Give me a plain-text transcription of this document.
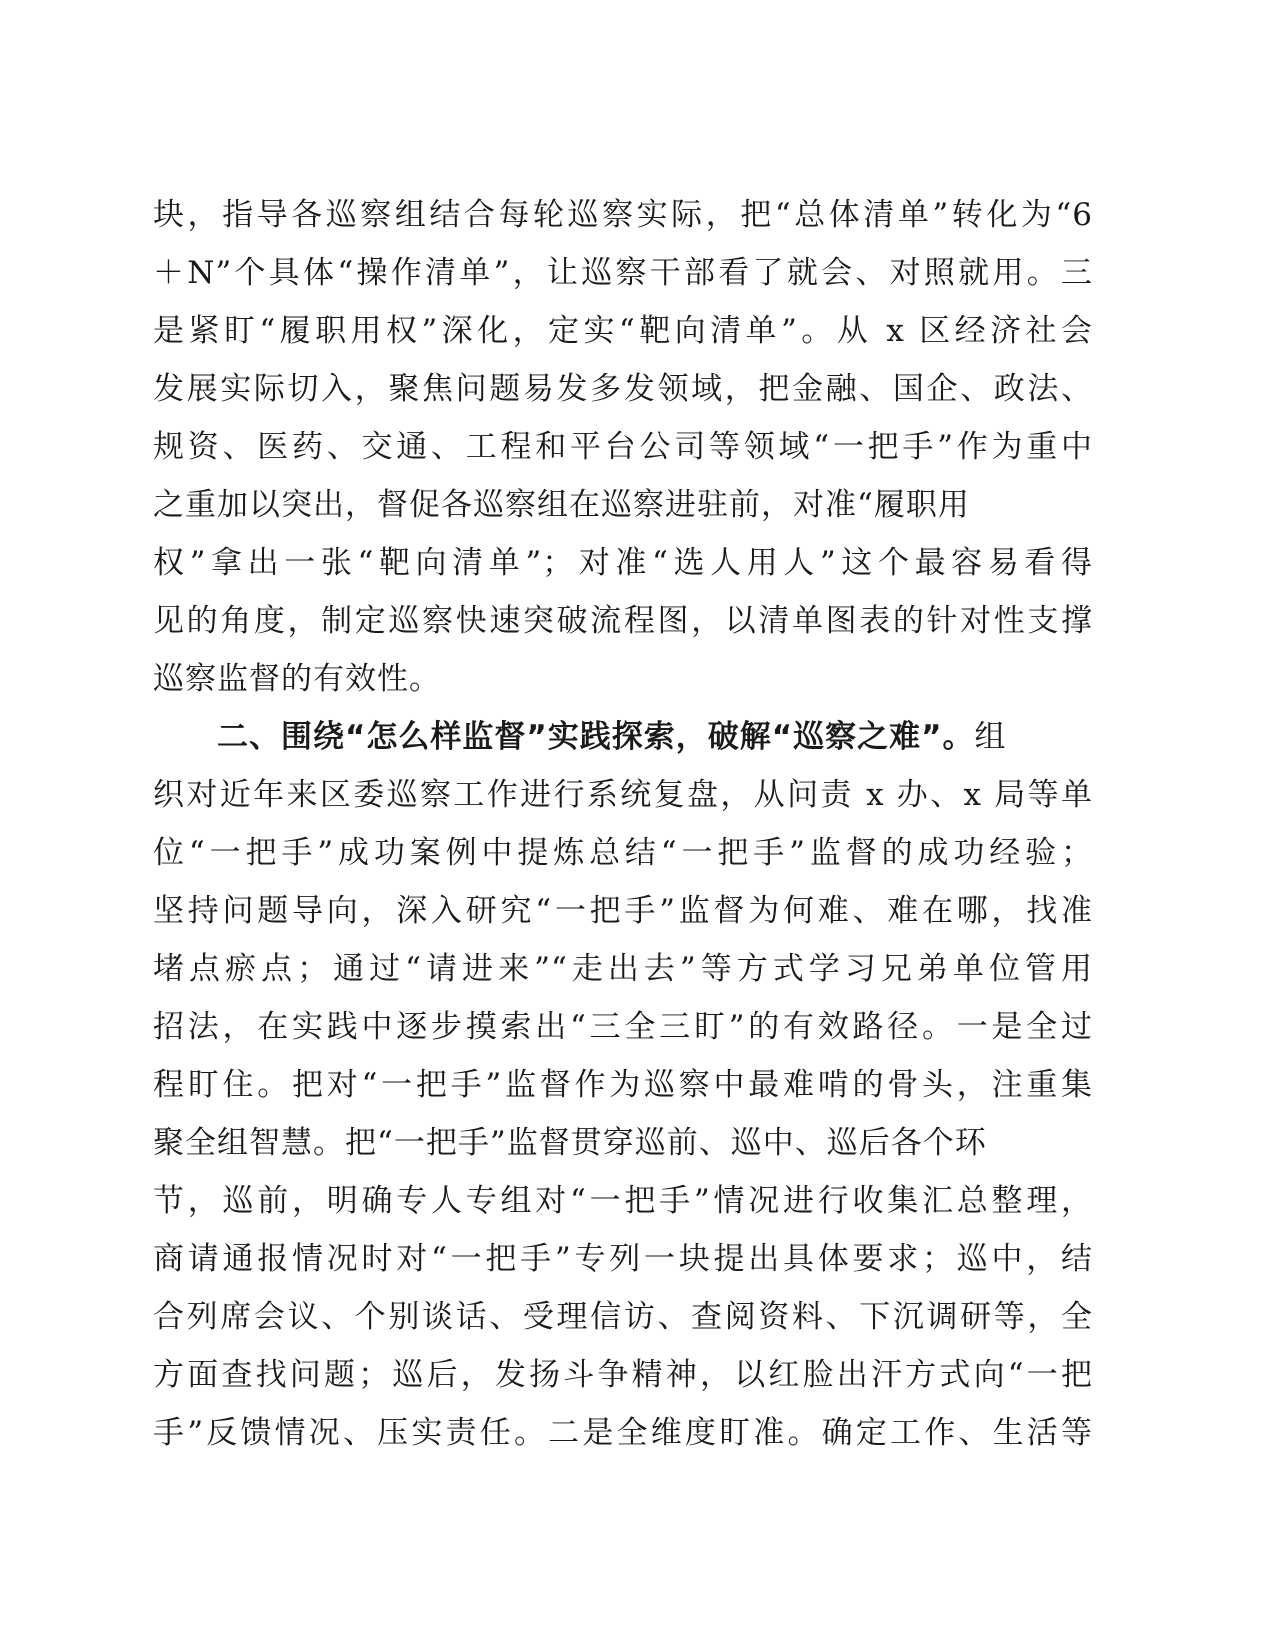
块，指导各巡察组结合每轮巡察实际，把“总体清单”转化为“6
＋N”个具体“操作清单”，让巡察干部看了就会、对照就用。三
是紧盯“履职用权”深化，定实“靶向清单”。从 x 区经济社会
发展实际切入，聚焦问题易发多发领域，把金融、国企、政法、
规资、医药、交通、工程和平台公司等领域“一把手”作为重中
之重加以突出，督促各巡察组在巡察进驻前，对准“履职用
权”拿出一张“靶向清单”；对准“选人用人”这个最容易看得
见的角度，制定巡察快速突破流程图，以清单图表的针对性支撑
巡察监督的有效性。
二、围绕“怎么样监督”实践探索，破解“巡察之难”。组
织对近年来区委巡察工作进行系统复盘，从问责 x 办、x 局等单
位“一把手”成功案例中提炼总结“一把手”监督的成功经验；
坚持问题导向，深入研究“一把手”监督为何难、难在哪，找准
堵点瘀点；通过“请进来”“走出去”等方式学习兄弟单位管用
招法，在实践中逐步摸索出“三全三盯”的有效路径。一是全过
程盯住。把对“一把手”监督作为巡察中最难啃的骨头，注重集
聚全组智慧。把“一把手”监督贯穿巡前、巡中、巡后各个环
节，巡前，明确专人专组对“一把手”情况进行收集汇总整理，
商请通报情况时对“一把手”专列一块提出具体要求；巡中，结
合列席会议、个别谈话、受理信访、查阅资料、下沉调研等，全
方面查找问题；巡后，发扬斗争精神，以红脸出汗方式向“一把
手”反馈情况、压实责任。二是全维度盯准。确定工作、生活等
